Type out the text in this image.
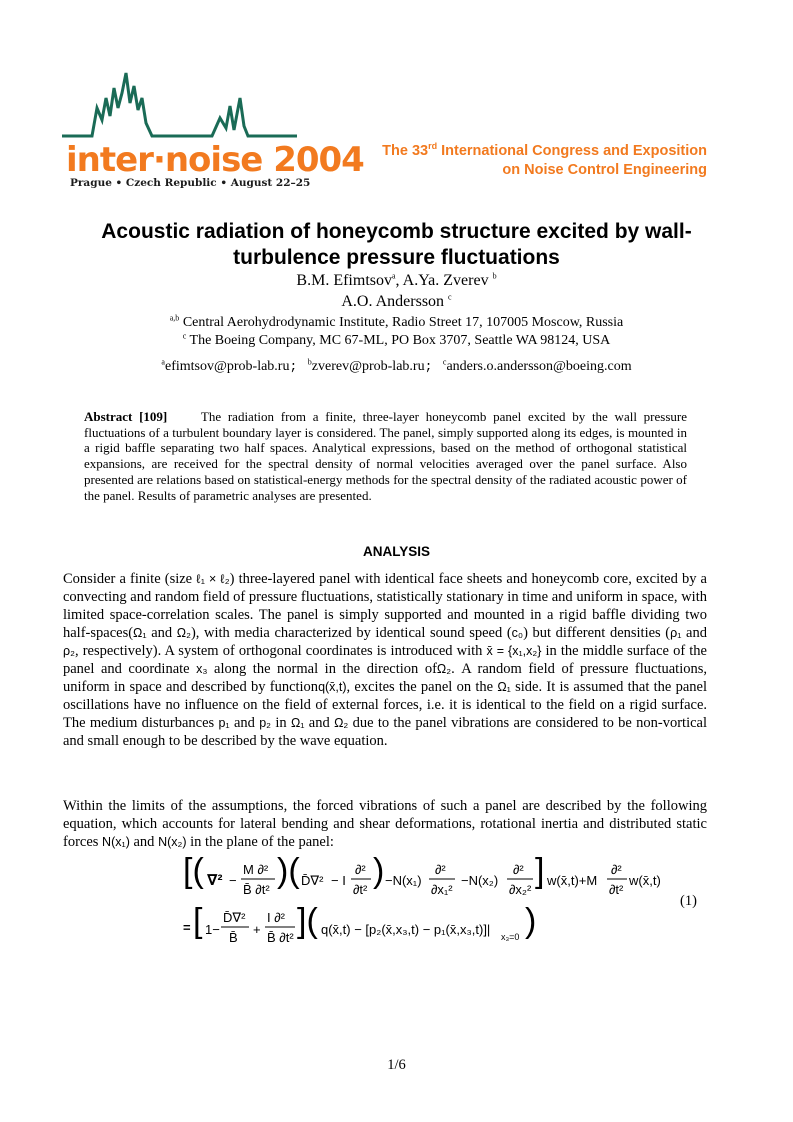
inter·noise 2004
Prague • Czech Republic • August 22–25
The 33rd International Congress and Exposition
on Noise Control Engineering
Acoustic radiation of honeycomb structure excited by wall-
turbulence pressure fluctuations
B.M. Efimtsov$^a$, A.Ya. Zverev $^b$
A.O. Andersson $^c$
$^{a,b}$ Central Aerohydrodynamic Institute, Radio Street 17, 107005 Moscow, Russia
$^c$ The Boeing Company, MC 67-ML, PO Box 3707, Seattle WA 98124, USA
$^a$efimtsov@prob-lab.ru; $^b$zverev@prob-lab.ru; $^c$anders.o.andersson@boeing.com
Abstract [109]	The radiation from a finite, three-layer honeycomb panel excited by the wall pressure fluctuations of a turbulent boundary layer is considered. The panel, simply supported along its edges, is mounted in a rigid baffle separating two half spaces. Analytical expressions, based on the method of orthogonal statistical expansions, are received for the spectral density of normal velocities averaged over the panel surface. Also presented are relations based on statistical-energy methods for the spectral density of the radiated acoustic power of the panel. Results of parametric analyses are presented.
ANALYSIS
Consider a finite (size ℓ₁ × ℓ₂) three-layered panel with identical face sheets and honeycomb core, excited by a convecting and random field of pressure fluctuations, statistically stationary in time and uniform in space, with limited space-correlation scales. The panel is simply supported and mounted in a rigid baffle dividing two half-spaces(Ω₁ and Ω₂), with media characterized by identical sound speed (c₀) but different densities (ρ₁ and ρ₂, respectively). A system of orthogonal coordinates is introduced with x̄ = {x₁,x₂} in the middle surface of the panel and coordinate x₃ along the normal in the direction ofΩ₂. A random field of pressure fluctuations, uniform in space and described by functionq(x̄,t), excites the panel on the Ω₁ side. It is assumed that the panel oscillations have no influence on the field of external forces, i.e. it is identical to the field on a rigid surface. The medium disturbances p₁ and p₂ in Ω₁ and Ω₂ due to the panel vibrations are considered to be non-vortical and small enough to be described by the wave equation.
Within the limits of the assumptions, the forced vibrations of such a panel are described by the following equation, which accounts for lateral bending and shear deformations, rotational inertia and distributed static forces N(x₁) and N(x₂) in the plane of the panel:
[( ∇² −
M ∂²
B̄ ∂t² )( D̄∇² − I
∂²
∂t² ) −N(x₁)
∂²
∂x₁²
−N(x₂)
∂²
∂x₂² ] w(x̄,t)+M
∂²
∂t²
w(x̄,t)
= [ 1−
D̄∇²
B̄
+
I ∂²
B̄ ∂t² ]( q(x̄,t) − [p₂(x̄,x₃,t) − p₁(x̄,x₃,t)]| x₃=0 )
(1)
1/6
